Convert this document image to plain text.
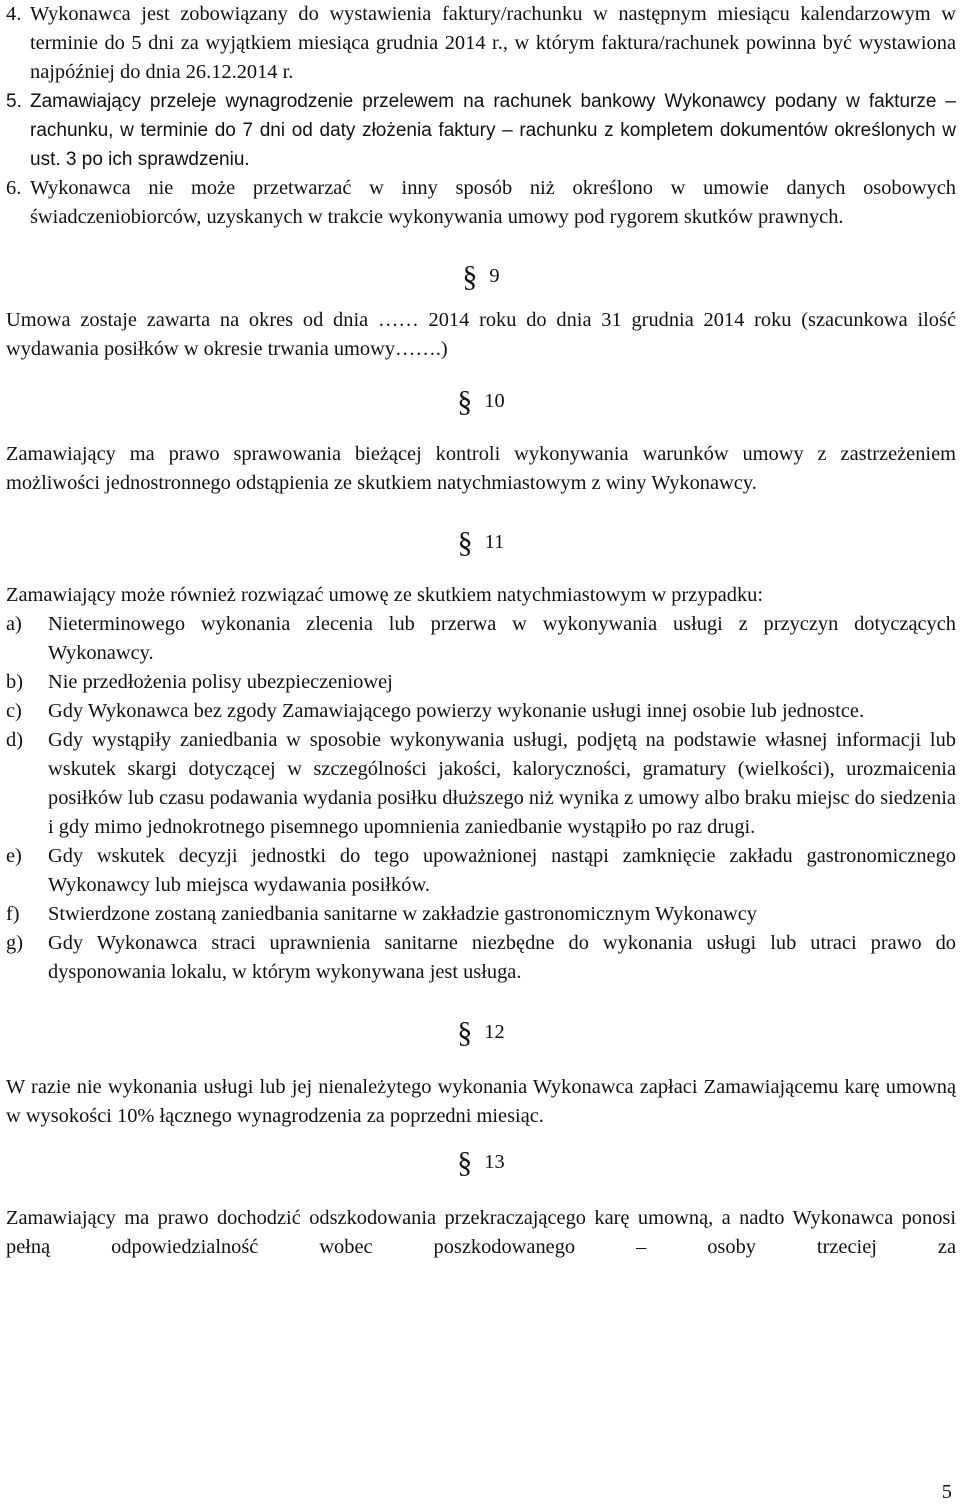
4. Wykonawca jest zobowiązany do wystawienia faktury/rachunku w następnym miesiącu kalendarzowym w terminie do 5 dni za wyjątkiem miesiąca grudnia 2014 r., w którym faktura/rachunek powinna być wystawiona najpóźniej do dnia 26.12.2014 r.
5. Zamawiający przeleje wynagrodzenie przelewem na rachunek bankowy Wykonawcy podany w fakturze – rachunku, w terminie do 7 dni od daty złożenia faktury – rachunku z kompletem dokumentów określonych w ust. 3 po ich sprawdzeniu.
6. Wykonawca nie może przetwarzać w inny sposób niż określono w umowie danych osobowych świadczeniobiorców, uzyskanych w trakcie wykonywania umowy pod rygorem skutków prawnych.
§ 9

Umowa zostaje zawarta na okres od dnia …… 2014 roku do dnia 31 grudnia 2014 roku (szacunkowa ilość wydawania posiłków w okresie trwania umowy…….)

§ 10

Zamawiający ma prawo sprawowania bieżącej kontroli wykonywania warunków umowy z zastrzeżeniem możliwości jednostronnego odstąpienia ze skutkiem natychmiastowym z winy Wykonawcy.

§ 11

Zamawiający może również rozwiązać umowę ze skutkiem natychmiastowym w przypadku:

a)	Nieterminowego wykonania zlecenia lub przerwa w wykonywania usługi z przyczyn dotyczących Wykonawcy.
b)	Nie przedłożenia polisy ubezpieczeniowej
c)	Gdy Wykonawca bez zgody Zamawiającego powierzy wykonanie usługi innej osobie lub jednostce.
d)	Gdy wystąpiły zaniedbania w sposobie wykonywania usługi, podjętą na podstawie własnej informacji lub wskutek skargi dotyczącej w szczególności jakości, kaloryczności, gramatury (wielkości), urozmaicenia posiłków lub czasu podawania wydania posiłku dłuższego niż wynika z umowy albo braku miejsc do siedzenia i gdy mimo jednokrotnego pisemnego upomnienia zaniedbanie wystąpiło po raz drugi.
e)	Gdy wskutek decyzji jednostki do tego upoważnionej nastąpi zamknięcie zakładu gastronomicznego Wykonawcy lub miejsca wydawania posiłków.
f)	Stwierdzone zostaną zaniedbania sanitarne w zakładzie gastronomicznym Wykonawcy
g)	Gdy Wykonawca straci uprawnienia sanitarne niezbędne do wykonania usługi lub utraci prawo do dysponowania lokalu, w którym wykonywana jest usługa.
§ 12

W razie nie wykonania usługi lub jej nienależytego wykonania Wykonawca zapłaci Zamawiającemu karę umowną w wysokości 10% łącznego wynagrodzenia za poprzedni miesiąc.

§ 13

Zamawiający ma prawo dochodzić odszkodowania przekraczającego karę umowną, a nadto Wykonawca ponosi pełną odpowiedzialność wobec poszkodowanego – osoby trzeciej za

5
